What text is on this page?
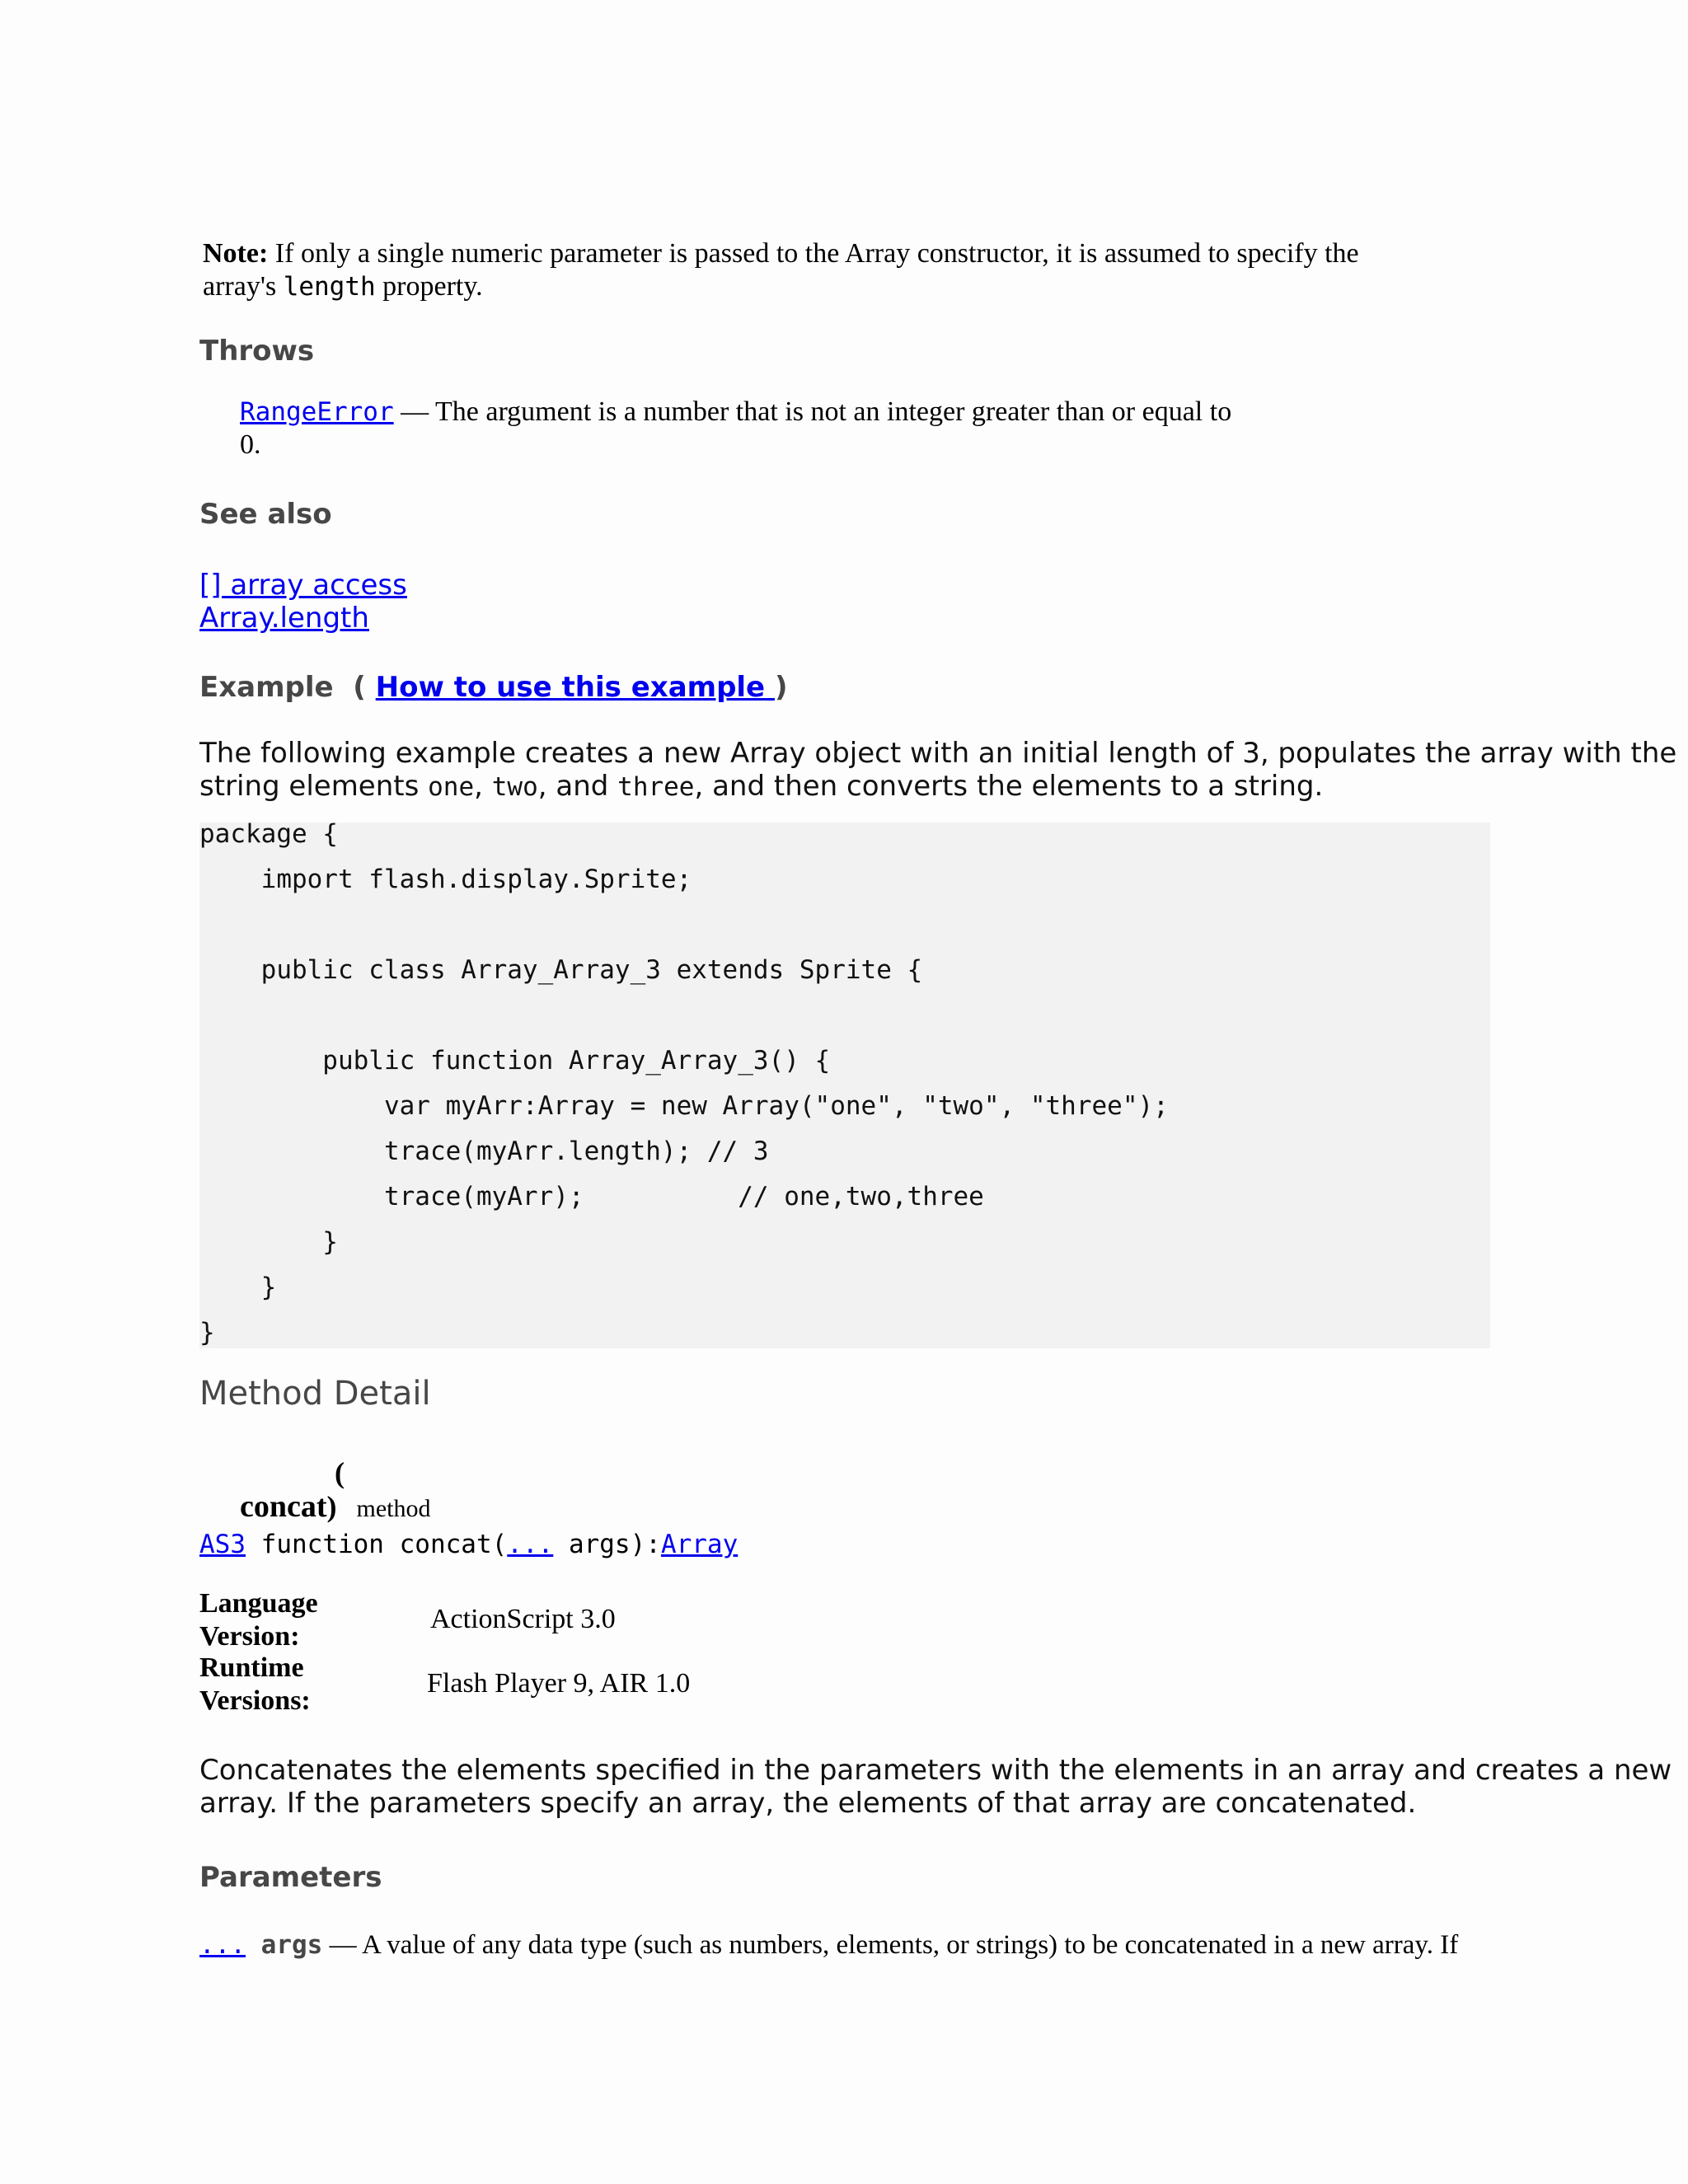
Note: If only a single numeric parameter is passed to the Array constructor, it is assumed to specify the
array's length property.
Throws
RangeError — The argument is a number that is not an integer greater than or equal to
0.
See also
[] array access
Array.length
Example ( How to use this example )
The following example creates a new Array object with an initial length of 3, populates the array with the
string elements one, two, and three, and then converts the elements to a string.
package {
import flash.display.Sprite;
public class Array_Array_3 extends Sprite {
public function Array_Array_3() {
var myArr:Array = new Array("one", "two", "three");
trace(myArr.length); // 3
trace(myArr);          // one,two,three
}
}
}
Method Detail
(
concat) method
AS3 function concat(... args):Array
Language
Version:
ActionScript 3.0
Runtime
Versions:
Flash Player 9, AIR 1.0
Concatenates the elements specified in the parameters with the elements in an array and creates a new
array. If the parameters specify an array, the elements of that array are concatenated.
Parameters
... args — A value of any data type (such as numbers, elements, or strings) to be concatenated in a new array. If
